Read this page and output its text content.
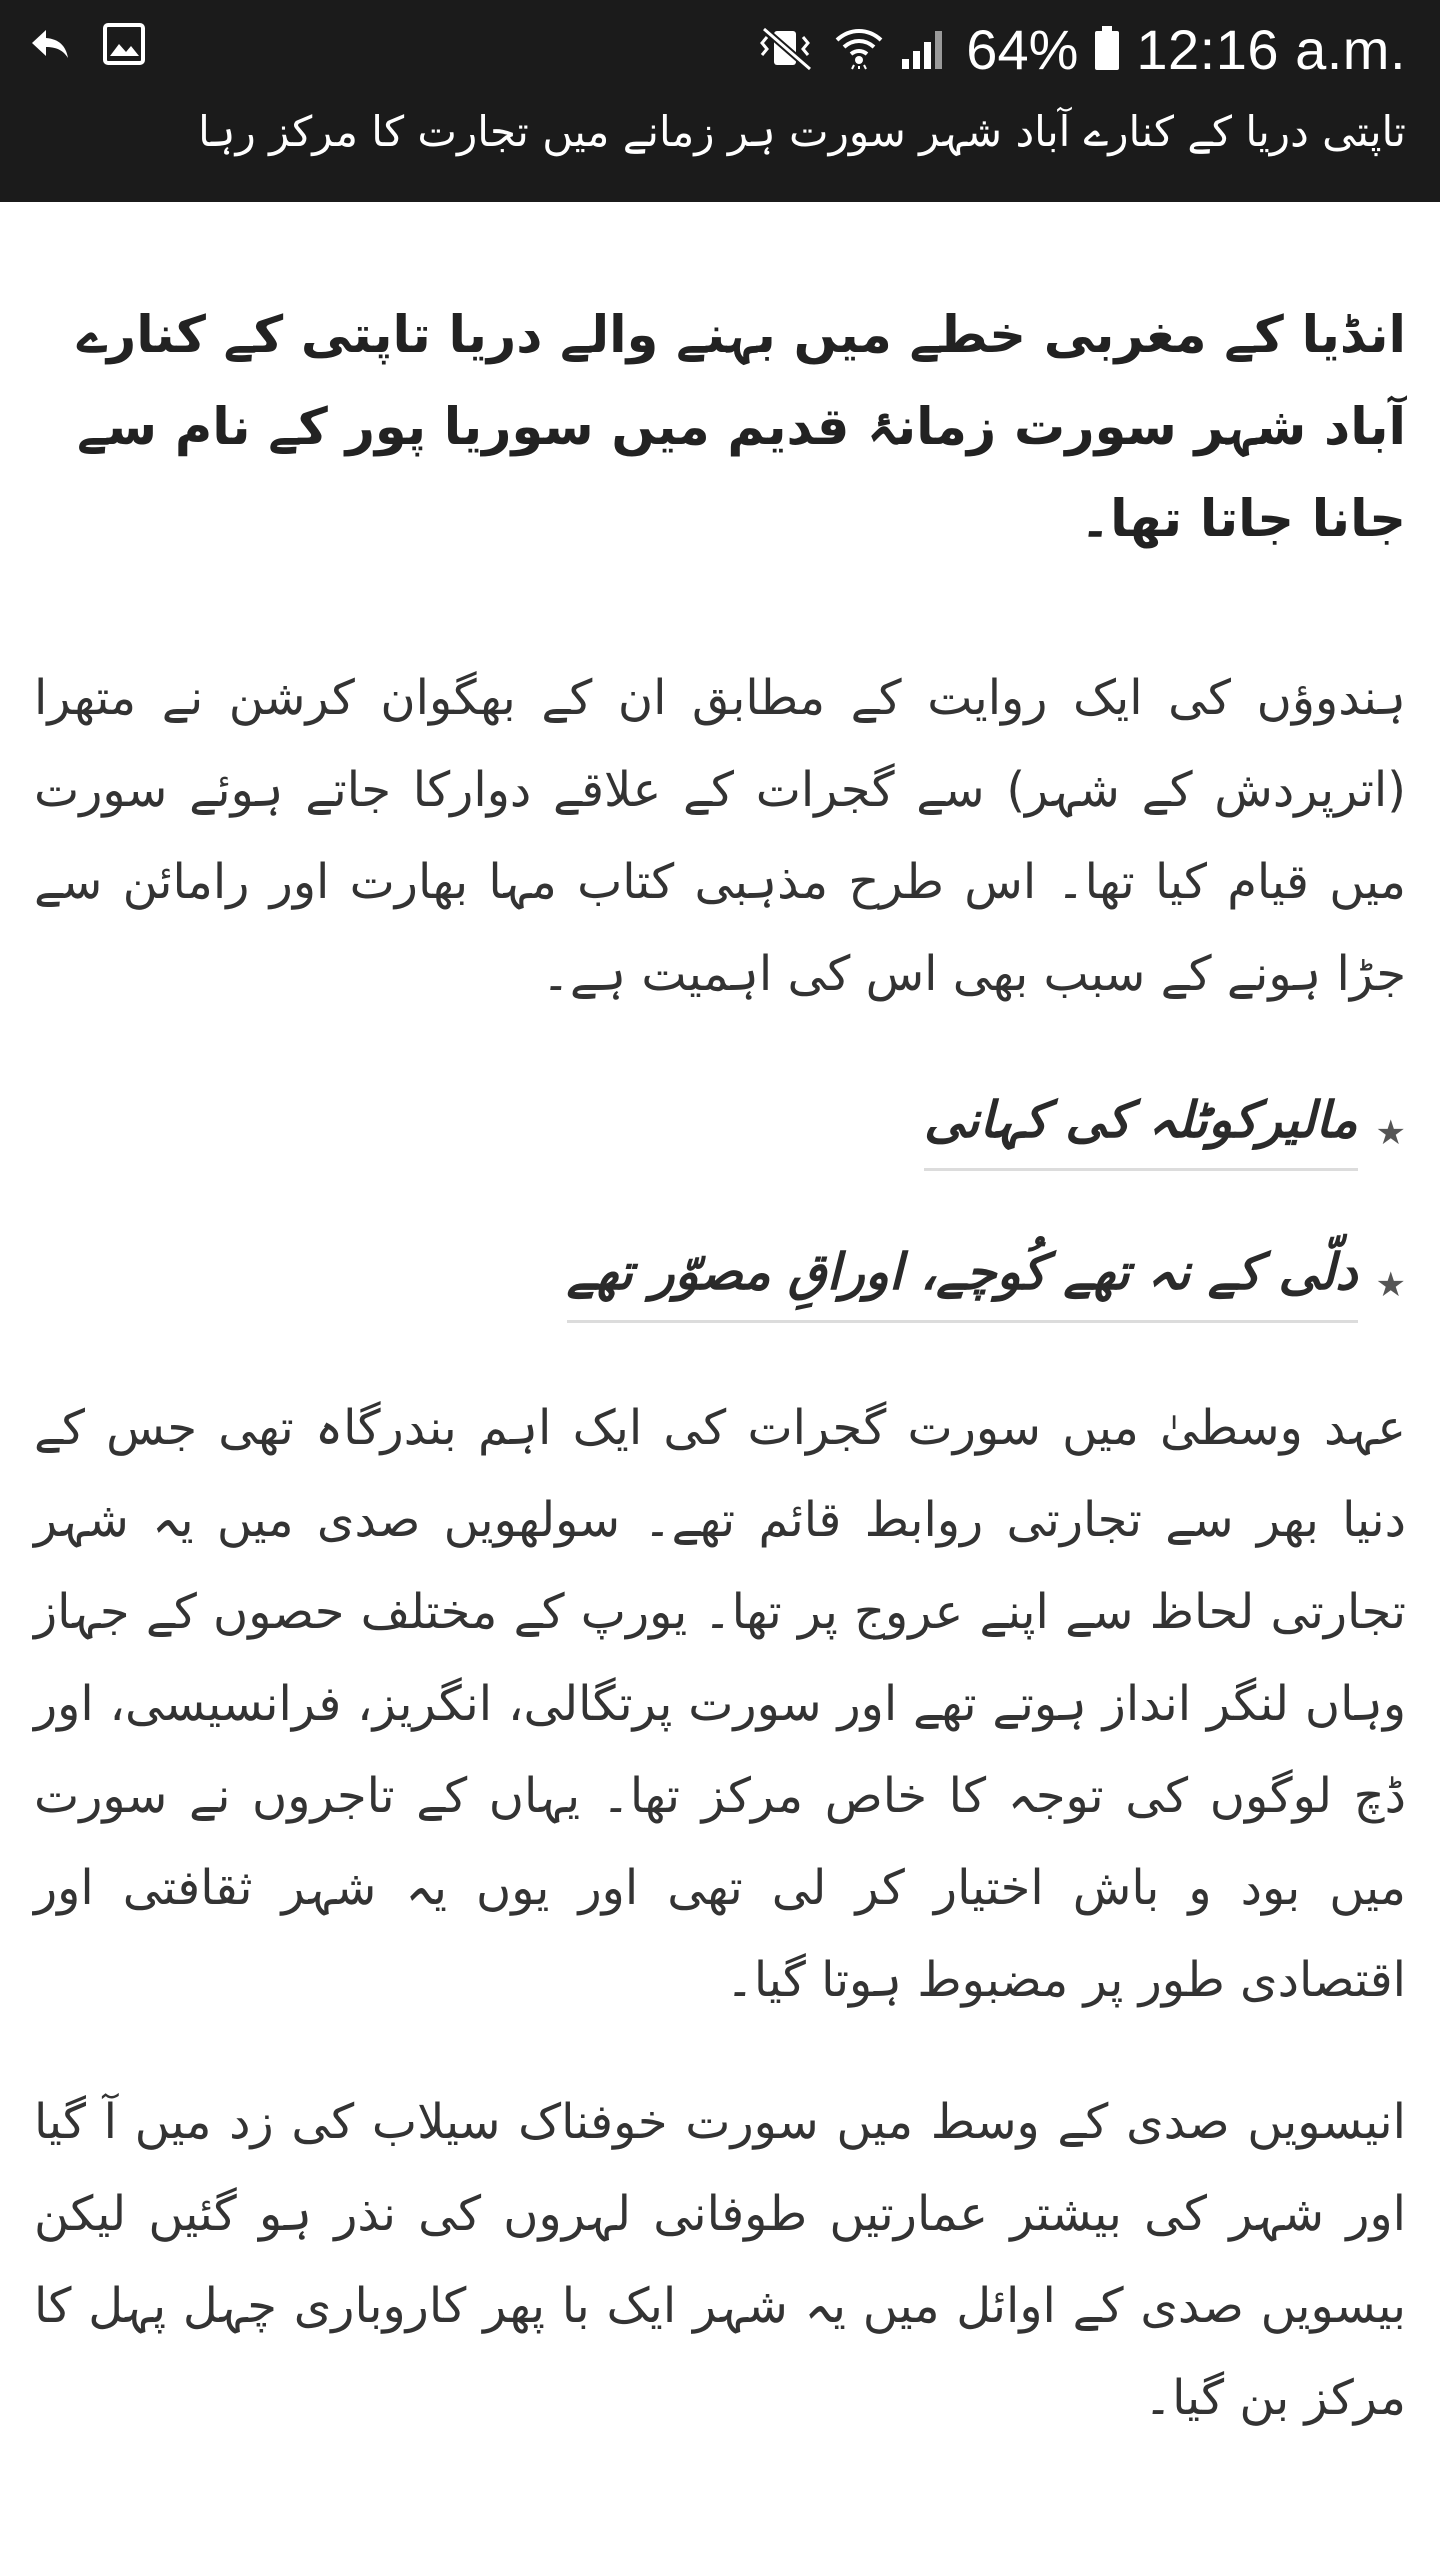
64% 12:16 a.m.
تاپتی دریا کے کنارے آباد شہر سورت ہر زمانے میں تجارت کا مرکز رہا

انڈیا کے مغربی خطے میں بہنے والے دریا تاپتی کے کنارے آباد شہر سورت زمانۂ قدیم میں سوریا پور کے نام سے جانا جاتا تھا۔

ہندوؤں کی ایک روایت کے مطابق ان کے بھگوان کرشن نے متھرا (اترپردش کے شہر) سے گجرات کے علاقے دوارکا جاتے ہوئے سورت میں قیام کیا تھا۔ اس طرح مذہبی کتاب مہا بھارت اور رامائن سے جڑا ہونے کے سبب بھی اس کی اہمیت ہے۔

★مالیرکوٹلہ کی کہانی
★دلّی کے نہ تھے کُوچے، اوراقِ مصوّر تھے

عہد وسطیٰ میں سورت گجرات کی ایک اہم بندرگاہ تھی جس کے دنیا بھر سے تجارتی روابط قائم تھے۔ سولھویں صدی میں یہ شہر تجارتی لحاظ سے اپنے عروج پر تھا۔ یورپ کے مختلف حصوں کے جہاز وہاں لنگر انداز ہوتے تھے اور سورت پرتگالی، انگریز، فرانسیسی، اور ڈچ لوگوں کی توجہ کا خاص مرکز تھا۔ یہاں کے تاجروں نے سورت میں بود و باش اختیار کر لی تھی اور یوں یہ شہر ثقافتی اور اقتصادی طور پر مضبوط ہوتا گیا۔

انیسویں صدی کے وسط میں سورت خوفناک سیلاب کی زد میں آ گیا اور شہر کی بیشتر عمارتیں طوفانی لہروں کی نذر ہو گئیں لیکن بیسویں صدی کے اوائل میں یہ شہر ایک با پھر کاروباری چہل پہل کا مرکز بن گیا۔
